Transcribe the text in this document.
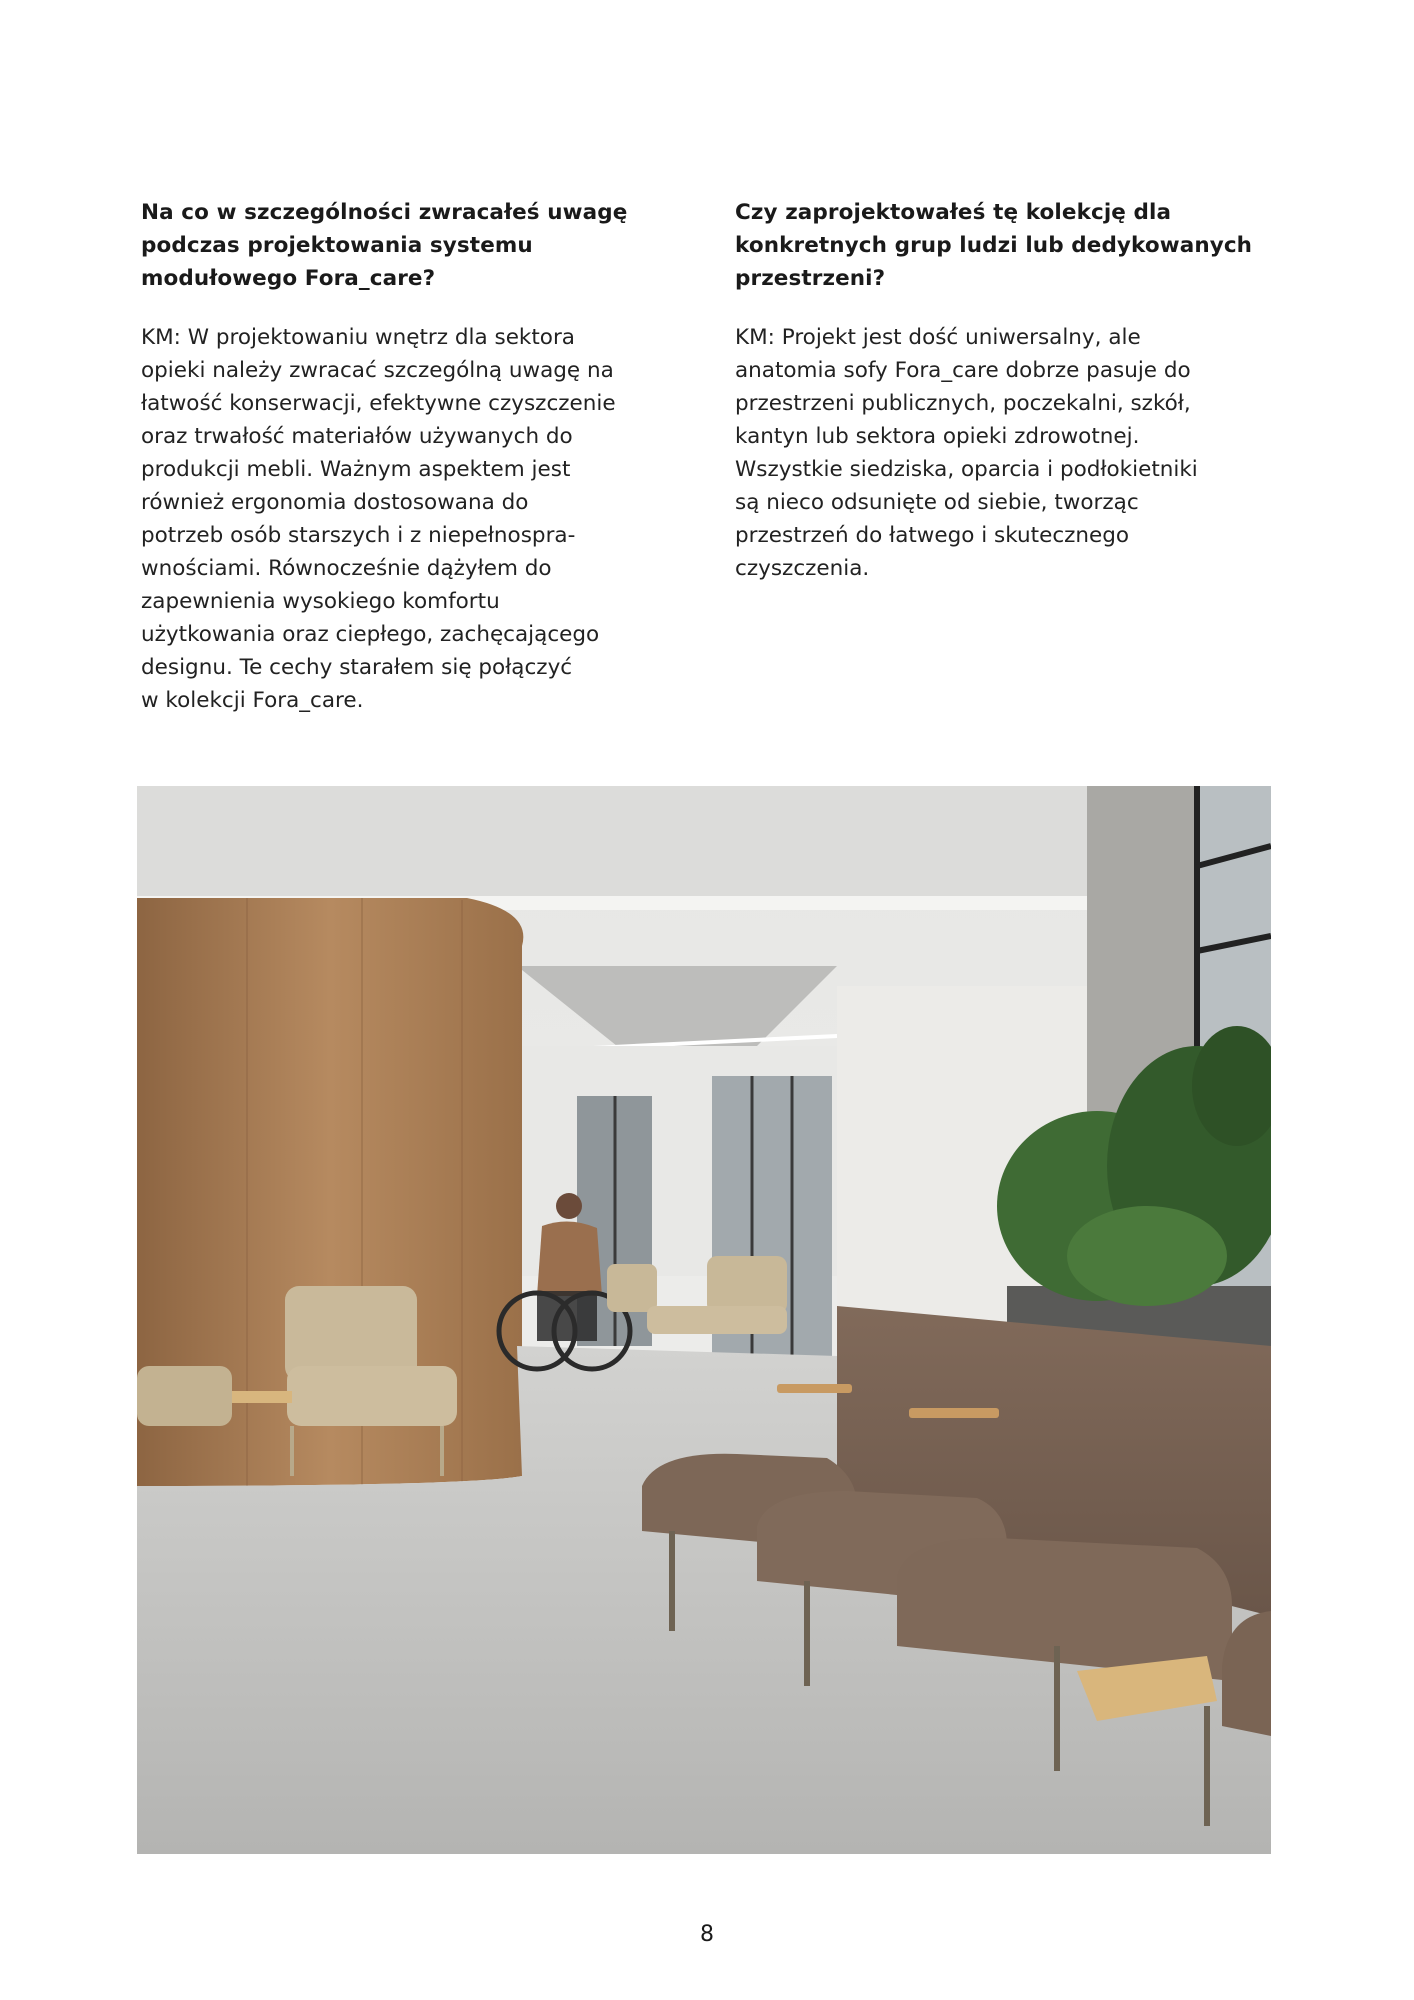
Na co w szczególności zwracałeś uwagę
podczas projektowania systemu
modułowego Fora_care?

KM: W projektowaniu wnętrz dla sektora
opieki należy zwracać szczególną uwagę na
łatwość konserwacji, efektywne czyszczenie
oraz trwałość materiałów używanych do
produkcji mebli. Ważnym aspektem jest
również ergonomia dostosowana do
potrzeb osób starszych i z niepełnospra-
wnościami. Równocześnie dążyłem do
zapewnienia wysokiego komfortu
użytkowania oraz ciepłego, zachęcającego
designu. Te cechy starałem się połączyć
w kolekcji Fora_care.

Czy zaprojektowałeś tę kolekcję dla
konkretnych grup ludzi lub dedykowanych
przestrzeni?

KM: Projekt jest dość uniwersalny, ale
anatomia sofy Fora_care dobrze pasuje do
przestrzeni publicznych, poczekalni, szkół,
kantyn lub sektora opieki zdrowotnej.
Wszystkie siedziska, oparcia i podłokietniki
są nieco odsunięte od siebie, tworząc
przestrzeń do łatwego i skutecznego
czyszczenia.

8
